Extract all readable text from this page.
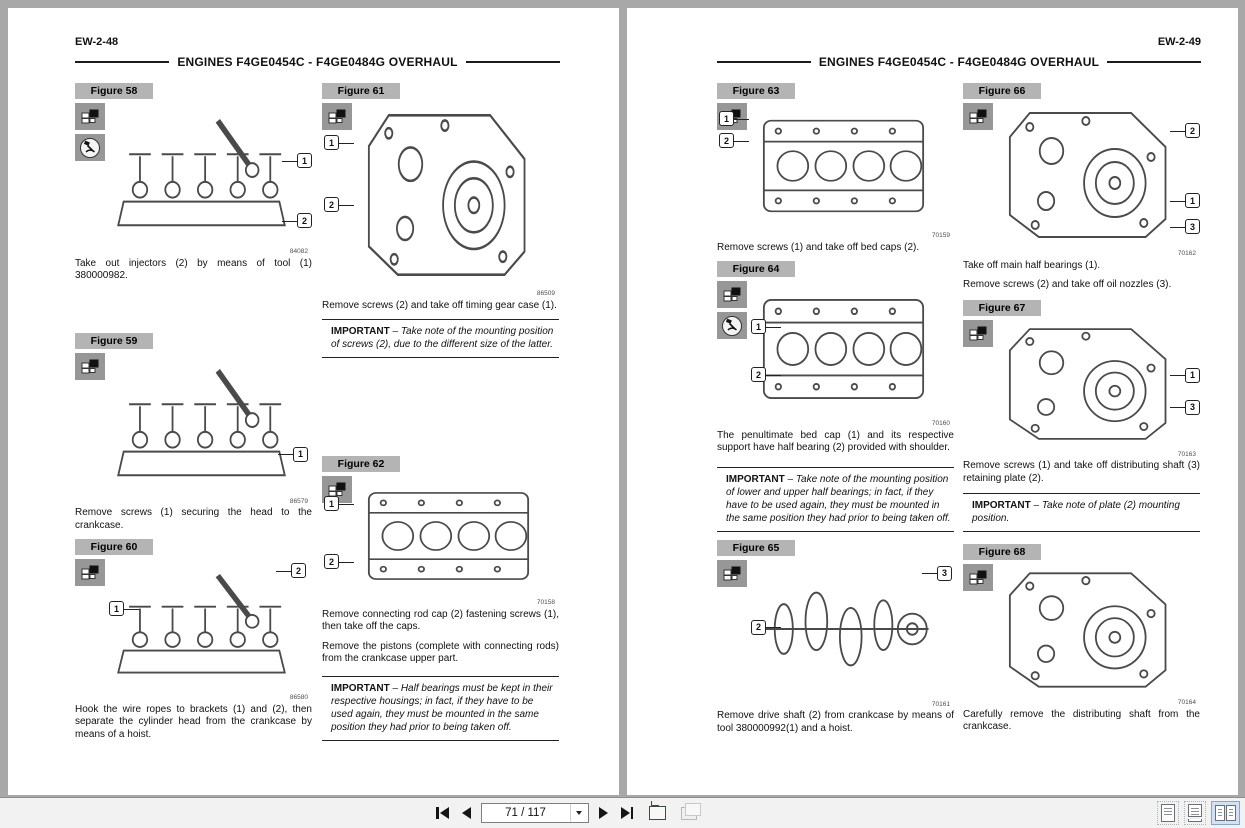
EW-2-48
ENGINES F4GE0454C - F4GE0484G OVERHAUL
Figure 58
1
2
84082

Take out injectors (2) by means of tool (1) 380000982.

Figure 59
1
86579

Remove screws (1) securing the head to the crankcase.

Figure 60
2
1
86580

Hook the wire ropes to brackets (1) and (2), then separate the cylinder head from the crankcase by means of a hoist.

Figure 61
1
2
86509

Remove screws (2) and take off timing gear case (1).

IMPORTANT – Take note of the mounting position of screws (2), due to the different size of the latter.
Figure 62
1
2
70158

Remove connecting rod cap (2) fastening screws (1), then take off the caps.

Remove the pistons (complete with connecting rods) from the crankcase upper part.

IMPORTANT – Half bearings must be kept in their respective housings; in fact, if they have to be used again, they must be mounted in the same position they had prior to being taken off.
EW-2-49
ENGINES F4GE0454C - F4GE0484G OVERHAUL
Figure 63
1
2
70159

Remove screws (1) and take off bed caps (2).

Figure 64
1
2
70160

The penultimate bed cap (1) and its respective support have half bearing (2) provided with shoulder.

IMPORTANT – Take note of the mounting position of lower and upper half bearings; in fact, if they have to be used again, they must be mounted in the same position they had prior to being taken off.
Figure 65
2
3
70161

Remove drive shaft (2) from crankcase by means of tool 380000992(1) and a hoist.

Figure 66
2
1
3
70162

Take off main half bearings (1).

Remove screws (2) and take off oil nozzles (3).

Figure 67
1
3
70163

Remove screws (1) and take off distributing shaft (3) retaining plate (2).

IMPORTANT – Take note of plate (2) mounting position.
Figure 68
70164

Carefully remove the distributing shaft from the crankcase.

71 / 117
